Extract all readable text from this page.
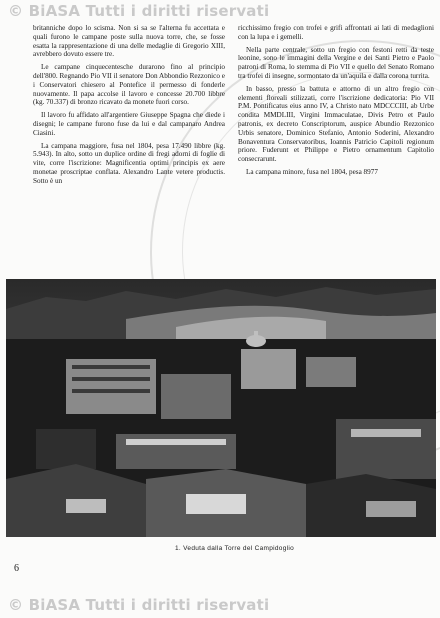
© BiASA Tutti i diritti riservati

britanniche dopo lo scisma. Non si sa se l'alterna fu accettata e quali furono le campane poste sulla nuova torre, che, se fosse esatta la rappresentazione di una delle medaglie di Gregorio XIII, avrebbero dovuto essere tre.

Le campane cinquecentesche durarono fino al principio dell'800. Regnando Pio VII il senatore Don Abbondio Rezzonico e i Conservatori chiesero al Pontefice il permesso di fonderle nuovamente. Il papa accolse il lavoro e concesse 20.700 libbre (kg. 70.337) di bronzo ricavato da monete fuori corso.

Il lavoro fu affidato all'argentiere Giuseppe Spagna che diede i disegni; le campane furono fuse da lui e dal campanaro Andrea Ciasini.

La campana maggiore, fusa nel 1804, pesa 17.490 libbre (kg. 5.943). In alto, sotto un duplice ordine di fregi adorni di foglie di vite, corre l'iscrizione: Magnificentia optimi principis ex aere monetae proscriptae conflata. Alexandro Lante vetere productis. Sotto è un

ricchissimo fregio con trofei e grifi affrontati ai lati di medaglioni con la lupa e i gemelli.

Nella parte centrale, sotto un fregio con festoni retti da teste leonine, sono le immagini della Vergine e dei Santi Pietro e Paolo patroni di Roma, lo stemma di Pio VII e quello del Senato Romano tra trofei di insegne, sormontato da un'aquila e dalla corona turrita.

In basso, presso la battuta e attorno di un altro fregio con elementi floreali stilizzati, corre l'iscrizione dedicatoria: Pio VII P.M. Pontificatus eius anno IV, a Christo nato MDCCCIII, ab Urbe condita MMDLIII, Virgini Immaculatae, Divis Petro et Paulo patronis, ex decreto Conscriptorum, auspice Abundio Rezzonico Urbis senatore, Dominico Stefanio, Antonio Soderini, Alexandro Bonaventura Conservatoribus, Ioannis Patricio Capitoli regionum priore. Fuderunt et Philippe e Pietro ornamentum Capitolio consecrarunt.

La campana minore, fusa nel 1804, pesa 8977

1. Veduta dalla Torre del Campidoglio
6
© BiASA Tutti i diritti riservati
